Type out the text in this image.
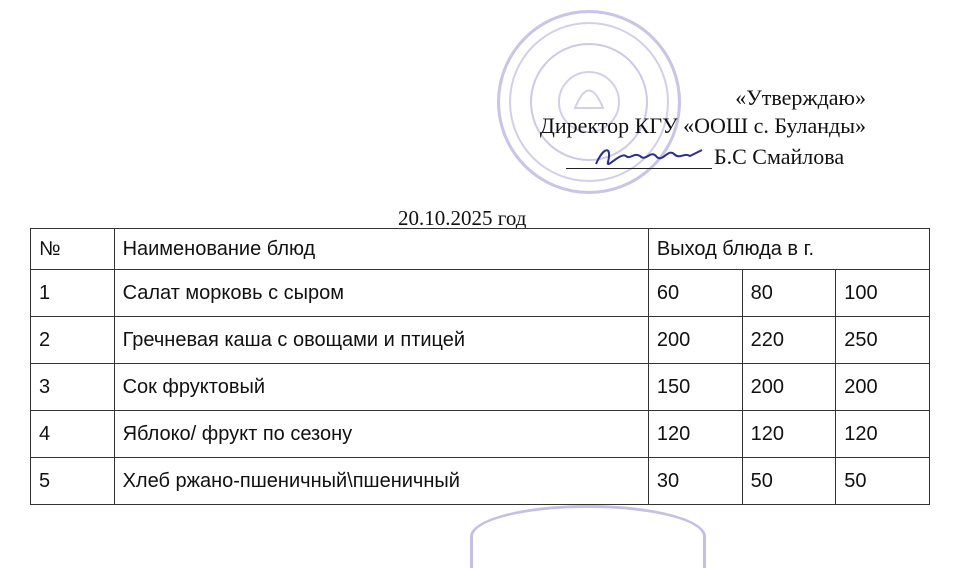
«Утверждаю»
Директор КГУ «ООШ с. Буланды»
Б.С Смайлова
20.10.2025 год
№	Наименование блюд	Выход блюда в г.		
1	Салат морковь с сыром	60	80	100
2	Гречневая каша с овощами и птицей	200	220	250
3	Сок фруктовый	150	200	200
4	Яблоко/ фрукт по сезону	120	120	120
5	Хлеб ржано-пшеничный\пшеничный	30	50	50
